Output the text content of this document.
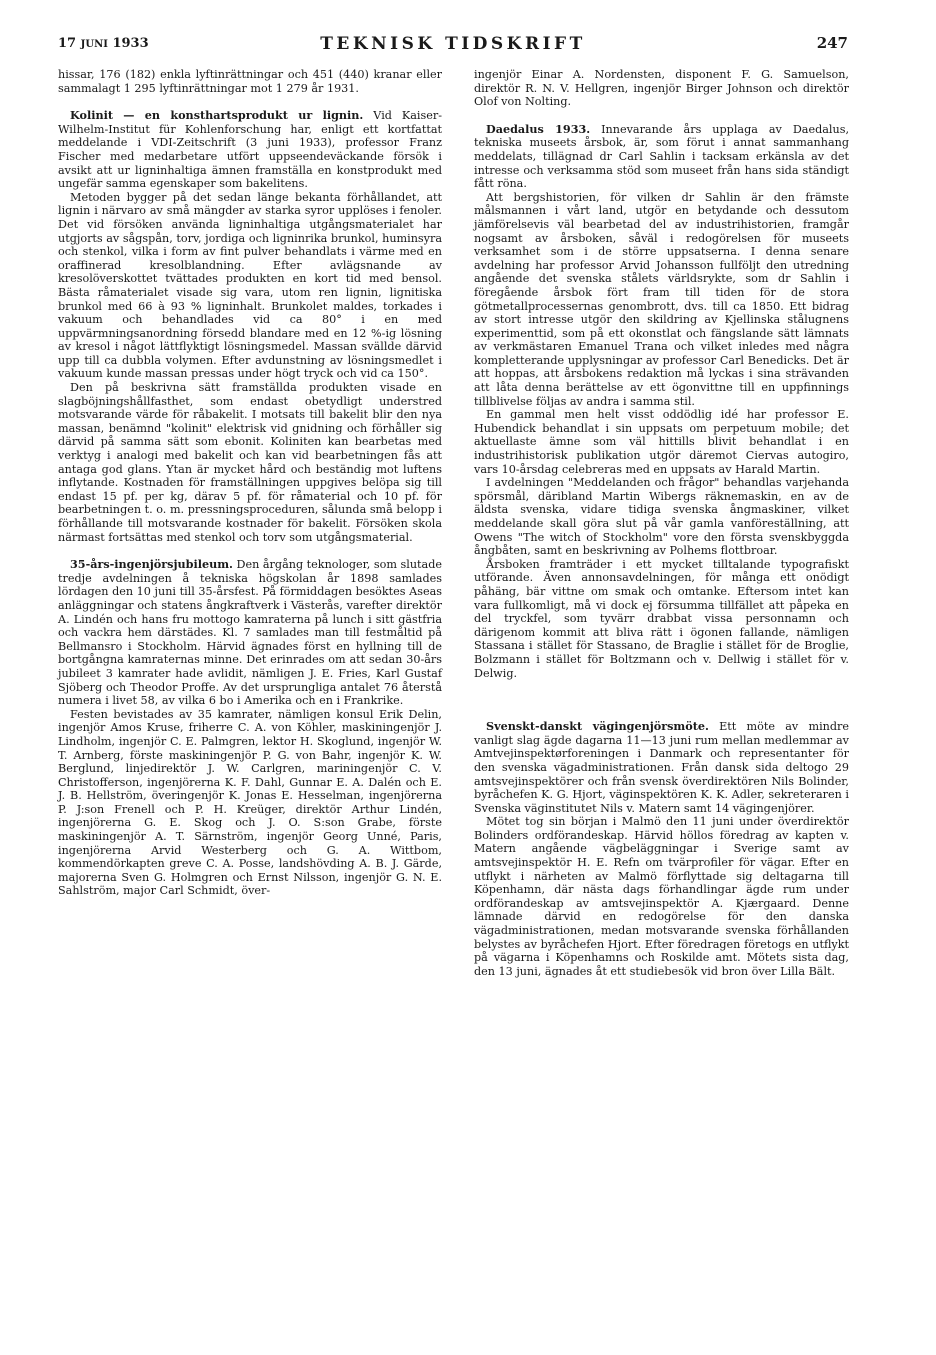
17 JUNI 1933	TEKNISK TIDSKRIFT	247

hissar, 176 (182) enkla lyftinrättningar och 451 (440) kranar eller sammalagt 1 295 lyftinrättningar mot 1 279 år 1931.

Kolinit — en konsthartsprodukt ur lignin. Vid Kaiser-Wilhelm-Institut für Kohlenforschung har, enligt ett kortfattat meddelande i VDI-Zeitschrift (3 juni 1933), professor Franz Fischer med medarbetare utfört uppseendeväckande försök i avsikt att ur ligninhaltiga ämnen framställa en konstprodukt med ungefär samma egenskaper som bakelitens.

Metoden bygger på det sedan länge bekanta förhållandet, att lignin i närvaro av små mängder av starka syror upplöses i fenoler. Det vid försöken använda ligninhaltiga utgångsmaterialet har utgjorts av sågspån, torv, jordiga och ligninrika brunkol, huminsyra och stenkol, vilka i form av fint pulver behandlats i värme med en oraffinerad kresolblandning. Efter avlägsnande av kresolöverskottet tvättades produkten en kort tid med bensol. Bästa råmaterialet visade sig vara, utom ren lignin, lignitiska brunkol med 66 à 93 % ligninhalt. Brunkolet maldes, torkades i vakuum och behandlades vid ca 80° i en med uppvärmningsanordning försedd blandare med en 12 %-ig lösning av kresol i något lättflyktigt lösningsmedel. Massan svällde därvid upp till ca dubbla volymen. Efter avdunstning av lösningsmedlet i vakuum kunde massan pressas under högt tryck och vid ca 150°.

Den på beskrivna sätt framställda produkten visade en slagböjningshållfasthet, som endast obetydligt understred motsvarande värde för råbakelit. I motsats till bakelit blir den nya massan, benämnd "kolinit" elektrisk vid gnidning och förhåller sig därvid på samma sätt som ebonit. Koliniten kan bearbetas med verktyg i analogi med bakelit och kan vid bearbetningen fås att antaga god glans. Ytan är mycket hård och beständig mot luftens inflytande. Kostnaden för framställningen uppgives belöpa sig till endast 15 pf. per kg, därav 5 pf. för råmaterial och 10 pf. för bearbetningen t. o. m. pressningsproceduren, sålunda små belopp i förhållande till motsvarande kostnader för bakelit. Försöken skola närmast fortsättas med stenkol och torv som utgångsmaterial.

35-års-ingenjörsjubileum. Den årgång teknologer, som slutade tredje avdelningen å tekniska högskolan år 1898 samlades lördagen den 10 juni till 35-årsfest. På förmiddagen besöktes Aseas anläggningar och statens ångkraftverk i Västerås, varefter direktör A. Lindén och hans fru mottogo kamraterna på lunch i sitt gästfria och vackra hem därstädes. Kl. 7 samlades man till festmåltid på Bellmansro i Stockholm. Härvid ägnades först en hyllning till de bortgångna kamraternas minne. Det erinrades om att sedan 30-års jubileet 3 kamrater hade avlidit, nämligen J. E. Fries, Karl Gustaf Sjöberg och Theodor Proffe. Av det ursprungliga antalet 76 återstå numera i livet 58, av vilka 6 bo i Amerika och en i Frankrike.

Festen bevistades av 35 kamrater, nämligen konsul Erik Delin, ingenjör Amos Kruse, friherre C. A. von Köhler, maskiningenjör J. Lindholm, ingenjör C. E. Palmgren, lektor H. Skoglund, ingenjör W. T. Arnberg, förste maskiningenjör P. G. von Bahr, ingenjör K. W. Berglund, linjedirektör J. W. Carlgren, mariningenjör C. V. Christofferson, ingenjörerna K. F. Dahl, Gunnar E. A. Dalén och E. J. B. Hellström, överingenjör K. Jonas E. Hesselman, ingenjörerna P. J:son Frenell och P. H. Kreüger, direktör Arthur Lindén, ingenjörerna G. E. Skog och J. O. S:son Grabe, förste maskiningenjör A. T. Särnström, ingenjör Georg Unné, Paris, ingenjörerna Arvid Westerberg och G. A. Wittbom, kommendörkapten greve C. A. Posse, landshövding A. B. J. Gärde, majorerna Sven G. Holmgren och Ernst Nilsson, ingenjör G. N. E. Sahlström, major Carl Schmidt, över-

ingenjör Einar A. Nordensten, disponent F. G. Samuelson, direktör R. N. V. Hellgren, ingenjör Birger Johnson och direktör Olof von Nolting.

Daedalus 1933. Innevarande års upplaga av Daedalus, tekniska museets årsbok, är, som förut i annat sammanhang meddelats, tillägnad dr Carl Sahlin i tacksam erkänsla av det intresse och verksamma stöd som museet från hans sida ständigt fått röna.

Att bergshistorien, för vilken dr Sahlin är den främste målsmannen i vårt land, utgör en betydande och dessutom jämförelsevis väl bearbetad del av industrihistorien, framgår nogsamt av årsboken, såväl i redogörelsen för museets verksamhet som i de större uppsatserna. I denna senare avdelning har professor Arvid Johansson fullföljt den utredning angående det svenska stålets världsrykte, som dr Sahlin i föregående årsbok fört fram till tiden för de stora götmetallprocessernas genombrott, dvs. till ca 1850. Ett bidrag av stort intresse utgör den skildring av Kjellinska stålugnens experimenttid, som på ett okonstlat och fängslande sätt lämnats av verkmästaren Emanuel Trana och vilket inledes med några kompletterande upplysningar av professor Carl Benedicks. Det är att hoppas, att årsbokens redaktion må lyckas i sina strävanden att låta denna berättelse av ett ögonvittne till en uppfinnings tillblivelse följas av andra i samma stil.

En gammal men helt visst oddödlig idé har professor E. Hubendick behandlat i sin uppsats om perpetuum mobile; det aktuellaste ämne som väl hittills blivit behandlat i en industrihistorisk publikation utgör däremot Ciervas autogiro, vars 10-årsdag celebreras med en uppsats av Harald Martin.

I avdelningen "Meddelanden och frågor" behandlas varjehanda spörsmål, däribland Martin Wibergs räknemaskin, en av de äldsta svenska, vidare tidiga svenska ångmaskiner, vilket meddelande skall göra slut på vår gamla vanföreställning, att Owens "The witch of Stockholm" vore den första svenskbyggda ångbåten, samt en beskrivning av Polhems flottbroar.

Årsboken framträder i ett mycket tilltalande typografiskt utförande. Även annonsavdelningen, för många ett onödigt påhäng, bär vittne om smak och omtanke. Eftersom intet kan vara fullkomligt, må vi dock ej försumma tillfället att påpeka en del tryckfel, som tyvärr drabbat vissa personnamn och därigenom kommit att bliva rätt i ögonen fallande, nämligen Stassana i stället för Stassano, de Braglie i stället för de Broglie, Bolzmann i stället för Boltzmann och v. Dellwig i stället för v. Delwig.

Svenskt-danskt vägingenjörsmöte. Ett möte av mindre vanligt slag ägde dagarna 11—13 juni rum mellan medlemmar av Amtvejinspektørforeningen i Danmark och representanter för den svenska vägadministrationen. Från dansk sida deltogo 29 amtsvejinspektörer och från svensk överdirektören Nils Bolinder, byråchefen K. G. Hjort, väginspektören K. K. Adler, sekreteraren i Svenska väginstitutet Nils v. Matern samt 14 vägingenjörer.

Mötet tog sin början i Malmö den 11 juni under överdirektör Bolinders ordförandeskap. Härvid höllos föredrag av kapten v. Matern angående vägbeläggningar i Sverige samt av amtsvejinspektör H. E. Refn om tvärprofiler för vägar. Efter en utflykt i närheten av Malmö förflyttade sig deltagarna till Köpenhamn, där nästa dags förhandlingar ägde rum under ordförandeskap av amtsvejinspektör A. Kjærgaard. Denne lämnade därvid en redogörelse för den danska vägadministrationen, medan motsvarande svenska förhållanden belystes av byråchefen Hjort. Efter föredragen företogs en utflykt på vägarna i Köpenhamns och Roskilde amt. Mötets sista dag, den 13 juni, ägnades åt ett studiebesök vid bron över Lilla Bält.
